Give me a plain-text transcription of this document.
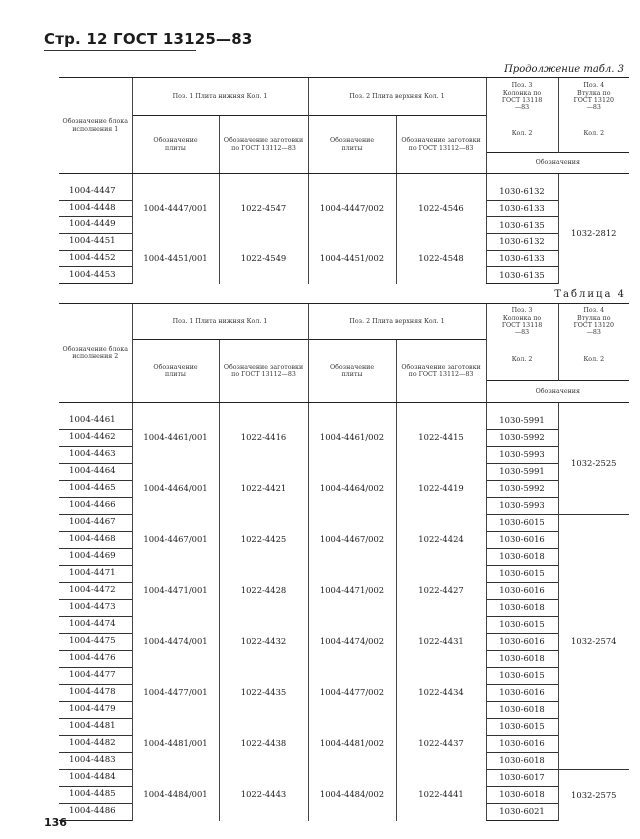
Стр. 12 ГОСТ 13125—83
Продолжение табл. 3
Обозначение блока исполнения 1	Поз. 1 Плита нижняя Кол. 1		Поз. 2 Плита верхняя Кол. 1		Поз. 3 Колонка по ГОСТ 13118—83	Поз. 4 Втулка по ГОСТ 13120—83
	Обозначение плиты	Обозначение заготовки по ГОСТ 13112—83	Обозначение плиты	Обозначение заготовки по ГОСТ 13112—83	Кол. 2	Кол. 2
					Обозначения	

1004-4447	1004-4447/001	1022-4547	1004-4447/002	1022-4546	1030-6132	1032-2812
1004-4448					1030-6133	
1004-4449					1030-6135	
1004-4451	1004-4451/001	1022-4549	1004-4451/002	1022-4548	1030-6132	
1004-4452					1030-6133	
1004-4453					1030-6135	
Таблица 4
Обозначение блока исполнения 2	Поз. 1 Плита нижняя Кол. 1		Поз. 2 Плита верхняя Кол. 1		Поз. 3 Колонка по ГОСТ 13118—83	Поз. 4 Втулка по ГОСТ 13120—83
	Обозначение плиты	Обозначение заготовки по ГОСТ 13112—83	Обозначение плиты	Обозначение заготовки по ГОСТ 13112—83	Кол. 2	Кол. 2
					Обозначения	

1004-4461	1004-4461/001	1022-4416	1004-4461/002	1022-4415	1030-5991	1032-2525
1004-4462					1030-5992	
1004-4463					1030-5993	
1004-4464	1004-4464/001	1022-4421	1004-4464/002	1022-4419	1030-5991	
1004-4465					1030-5992	
1004-4466					1030-5993	
1004-4467	1004-4467/001	1022-4425	1004-4467/002	1022-4424	1030-6015	1032-2574
1004-4468					1030-6016	
1004-4469					1030-6018	
1004-4471	1004-4471/001	1022-4428	1004-4471/002	1022-4427	1030-6015	
1004-4472					1030-6016	
1004-4473					1030-6018	
1004-4474	1004-4474/001	1022-4432	1004-4474/002	1022-4431	1030-6015	
1004-4475					1030-6016	
1004-4476					1030-6018	
1004-4477	1004-4477/001	1022-4435	1004-4477/002	1022-4434	1030-6015	
1004-4478					1030-6016	
1004-4479					1030-6018	
1004-4481	1004-4481/001	1022-4438	1004-4481/002	1022-4437	1030-6015	
1004-4482					1030-6016	
1004-4483					1030-6018	
1004-4484	1004-4484/001	1022-4443	1004-4484/002	1022-4441	1030-6017	1032-2575
1004-4485					1030-6018	
1004-4486					1030-6021	
136
